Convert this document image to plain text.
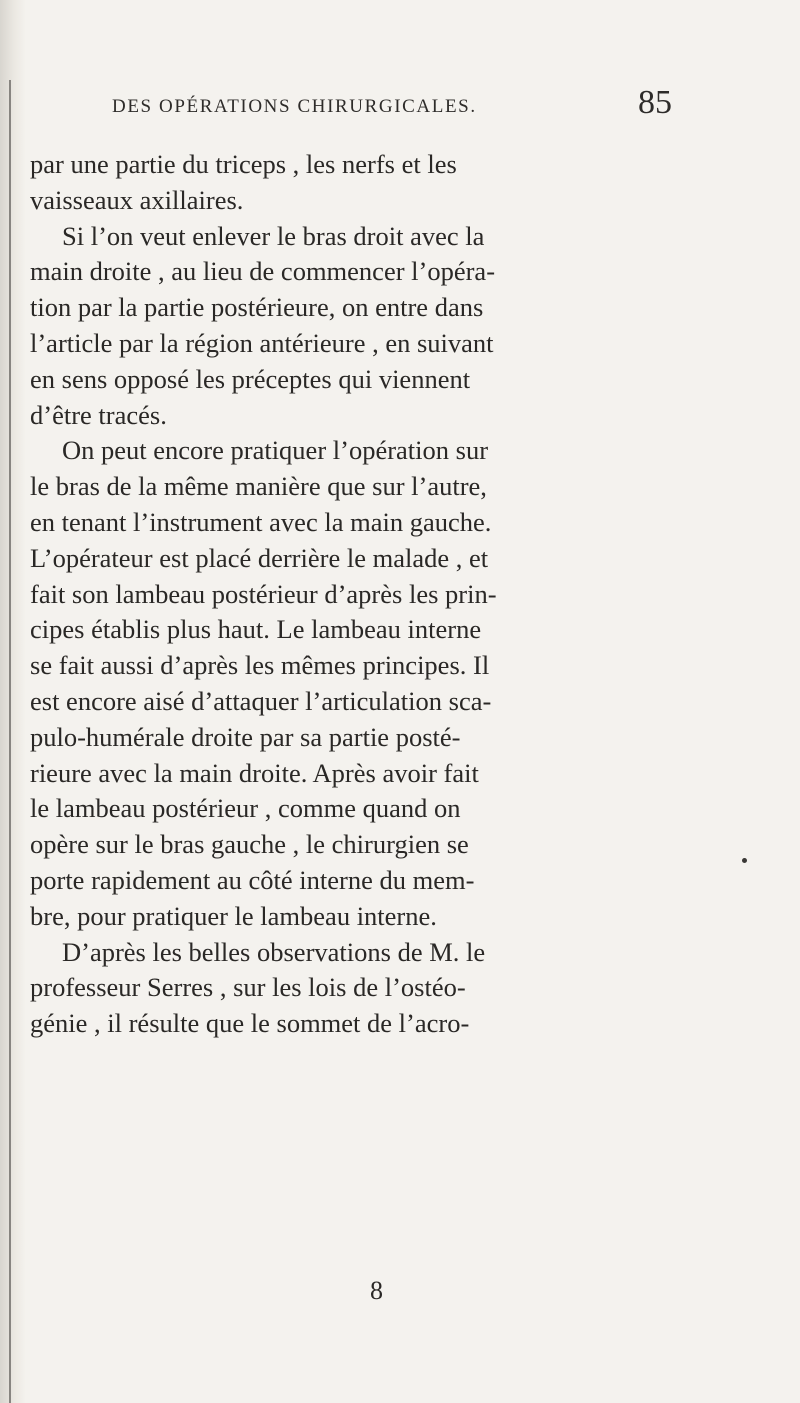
DES OPÉRATIONS CHIRURGICALES.	85
par une partie du triceps , les nerfs et les
vaisseaux axillaires.
Si l’on veut enlever le bras droit avec la
main droite , au lieu de commencer l’opéra-
tion par la partie postérieure, on entre dans
l’article par la région antérieure , en suivant
en sens opposé les préceptes qui viennent
d’être tracés.
On peut encore pratiquer l’opération sur
le bras de la même manière que sur l’autre,
en tenant l’instrument avec la main gauche.
L’opérateur est placé derrière le malade , et
fait son lambeau postérieur d’après les prin-
cipes établis plus haut. Le lambeau interne
se fait aussi d’après les mêmes principes. Il
est encore aisé d’attaquer l’articulation sca-
pulo-humérale droite par sa partie posté-
rieure avec la main droite. Après avoir fait
le lambeau postérieur , comme quand on
opère sur le bras gauche , le chirurgien se
porte rapidement au côté interne du mem-
bre, pour pratiquer le lambeau interne.
D’après les belles observations de M. le
professeur Serres , sur les lois de l’ostéo-
génie , il résulte que le sommet de l’acro-
8
